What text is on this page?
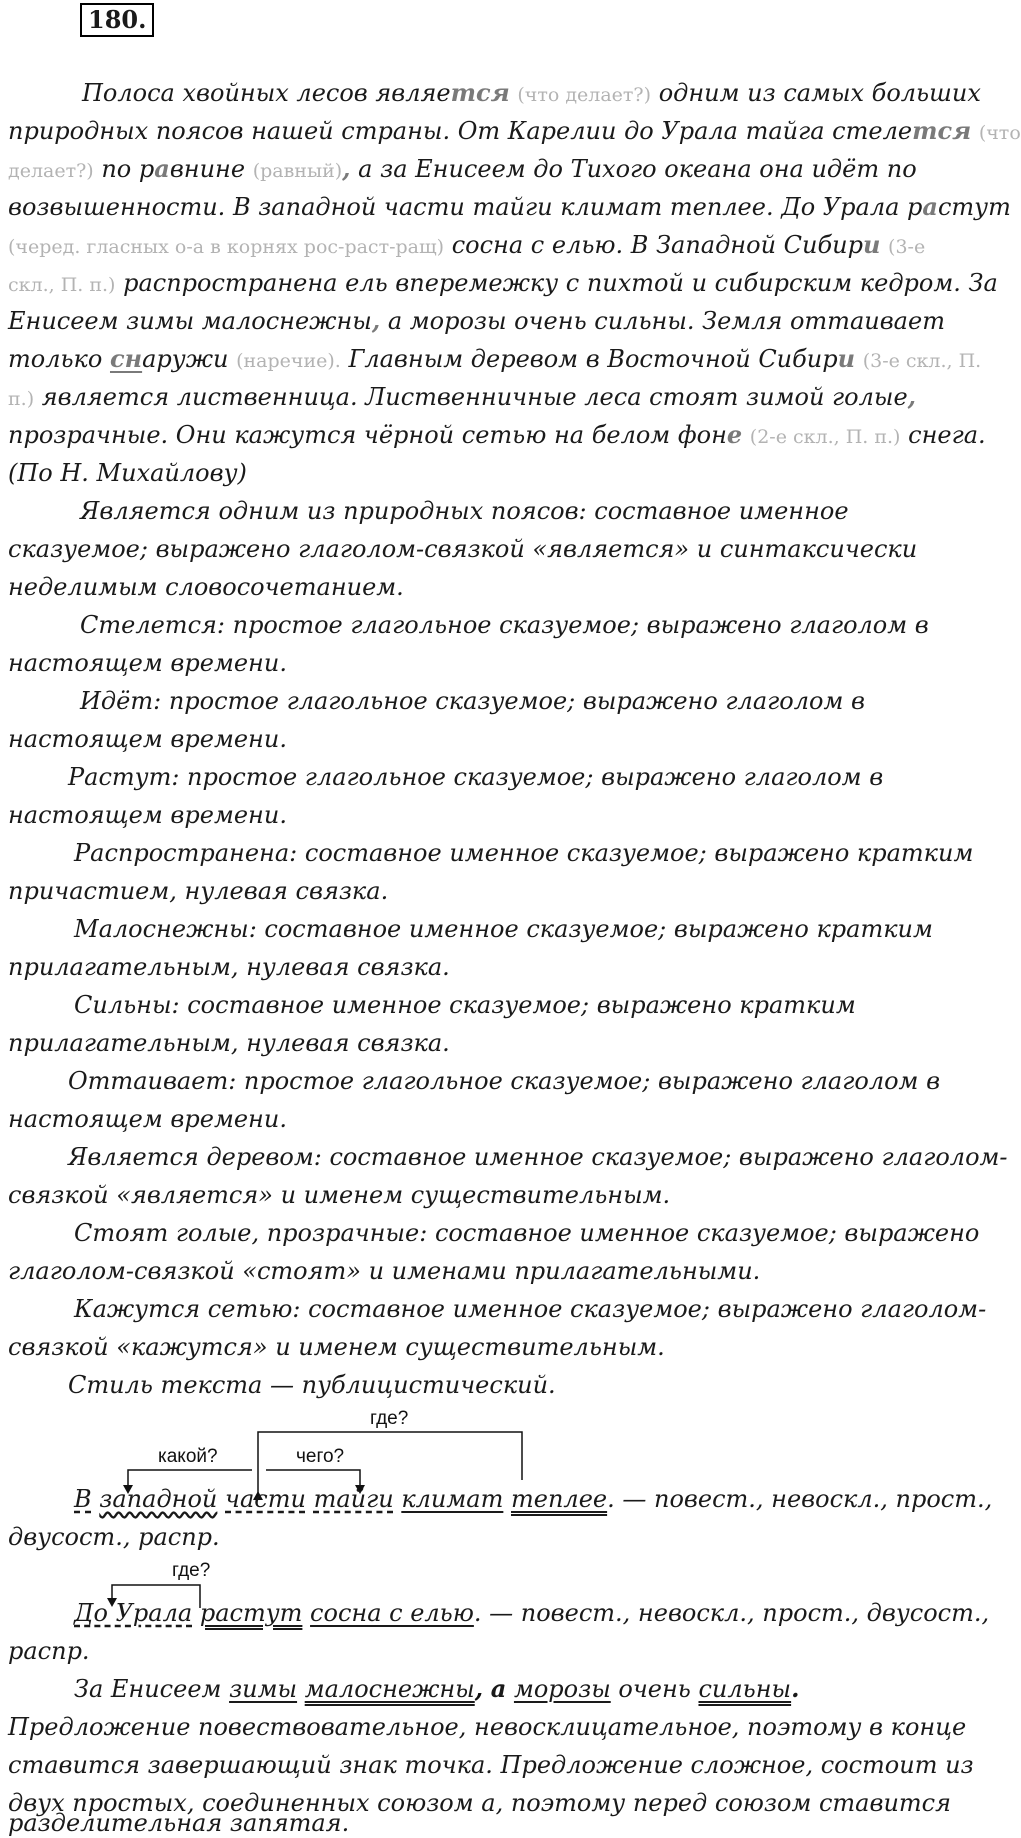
180.
Полоса хвойных лесов является (что делает?) одним из самых больших
природных поясов нашей страны. От Карелии до Урала тайга стелется (что
делает?) по равнине (равный), а за Енисеем до Тихого океана она идёт по
возвышенности. В западной части тайги климат теплее. До Урала растут
(черед. гласных о-а в корнях рос-раст-ращ) сосна с елью. В Западной Сибири (3-е
скл., П. п.) распространена ель вперемежку с пихтой и сибирским кедром. За
Енисеем зимы малоснежны, а морозы очень сильны. Земля оттаивает
только снаружи (наречие). Главным деревом в Восточной Сибири (3-е скл., П.
п.) является лиственница. Лиственничные леса стоят зимой голые,
прозрачные. Они кажутся чёрной сетью на белом фоне (2-е скл., П. п.) снега.
(По Н. Михайлову)
Является одним из природных поясов: составное именное
сказуемое; выражено глаголом-связкой «является» и синтаксически
неделимым словосочетанием.
Стелется: простое глагольное сказуемое; выражено глаголом в
настоящем времени.
Идёт: простое глагольное сказуемое; выражено глаголом в
настоящем времени.
Растут: простое глагольное сказуемое; выражено глаголом в
настоящем времени.
Распространена: составное именное сказуемое; выражено кратким
причастием, нулевая связка.
Малоснежны: составное именное сказуемое; выражено кратким
прилагательным, нулевая связка.
Сильны: составное именное сказуемое; выражено кратким
прилагательным, нулевая связка.
Оттаивает: простое глагольное сказуемое; выражено глаголом в
настоящем времени.
Является деревом: составное именное сказуемое; выражено глаголом-
связкой «является» и именем существительным.
Стоят голые, прозрачные: составное именное сказуемое; выражено
глаголом-связкой «стоят» и именами прилагательными.
Кажутся сетью: составное именное сказуемое; выражено глаголом-
связкой «кажутся» и именем существительным.
Стиль текста — публицистический.
где?
какой?	чего?
В западной части тайги климат теплее. — повест., невоскл., прост.,
двусост., распр.
где?
До Урала растут сосна с елью. — повест., невоскл., прост., двусост.,
распр.
За Енисеем зимы малоснежны, а морозы очень сильны.
Предложение повествовательное, невосклицательное, поэтому в конце
ставится завершающий знак точка. Предложение сложное, состоит из
двух простых, соединенных союзом а, поэтому перед союзом ставится
разделительная запятая.
